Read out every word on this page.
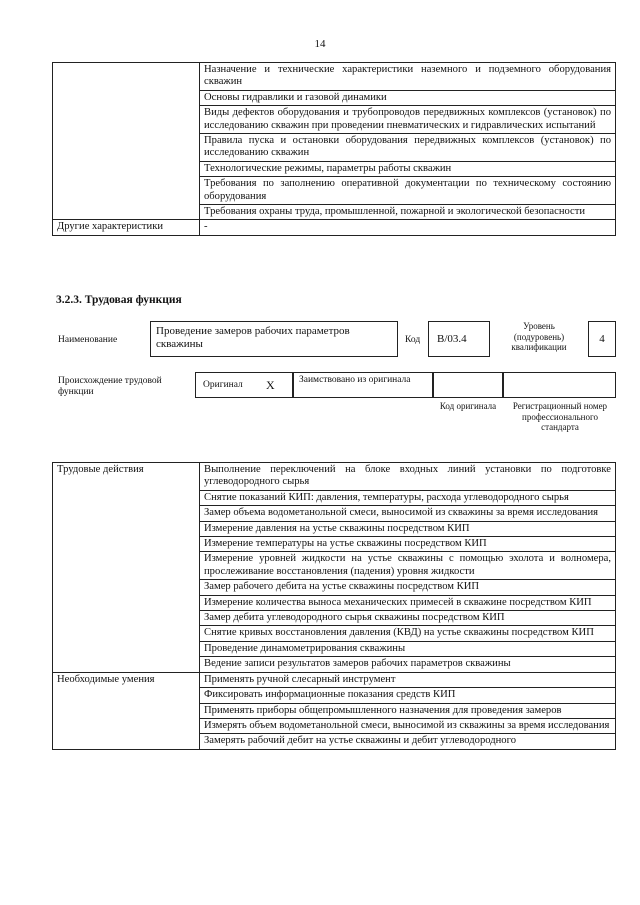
14
	Назначение и технические характеристики наземного и подземного оборудования скважин
	Основы гидравлики и газовой динамики
	Виды дефектов оборудования и трубопроводов передвижных комплексов (установок) по исследованию скважин при проведении пневматических и гидравлических испытаний
	Правила пуска и остановки оборудования передвижных комплексов (установок) по исследованию скважин
	Технологические режимы, параметры работы скважин
	Требования по заполнению оперативной документации по техническому состоянию оборудования
	Требования охраны труда, промышленной, пожарной и экологической безопасности
Другие характеристики	-
3.2.3. Трудовая функция
Наименование
Проведение замеров рабочих параметров скважины	Код	B/03.4
Уровень (подуровень) квалификации
4
Происхождение трудовой функции
Оригинал X	Заимствовано из оригинала
Код оригинала	Регистрационный номер профессионального стандарта
Трудовые действия	Выполнение переключений на блоке входных линий установки по подготовке углеводородного сырья
	Снятие показаний КИП: давления, температуры, расхода углеводородного сырья
	Замер объема водометанольной смеси, выносимой из скважины за время исследования
	Измерение давления на устье скважины посредством КИП
	Измерение температуры на устье скважины посредством КИП
	Измерение уровней жидкости на устье скважины с помощью эхолота и волномера, прослеживание восстановления (падения) уровня жидкости
	Замер рабочего дебита на устье скважины посредством КИП
	Измерение количества выноса механических примесей в скважине посредством КИП
	Замер дебита углеводородного сырья скважины посредством КИП
	Снятие кривых восстановления давления (КВД) на устье скважины посредством КИП
	Проведение динамометрирования скважины
	Ведение записи результатов замеров рабочих параметров скважины
Необходимые умения	Применять ручной слесарный инструмент
	Фиксировать информационные показания средств КИП
	Применять приборы общепромышленного назначения для проведения замеров
	Измерять объем водометанольной смеси, выносимой из скважины за время исследования
	Замерять рабочий дебит на устье скважины и дебит углеводородного
